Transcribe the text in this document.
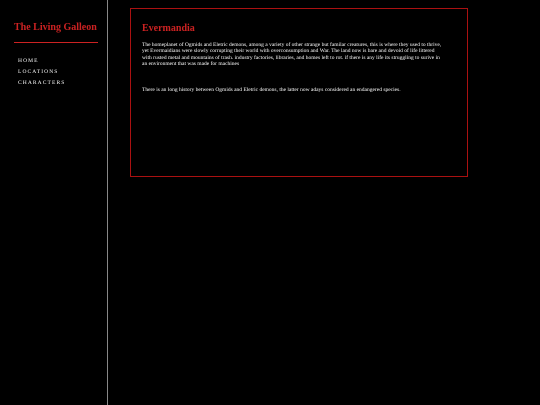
The Living Galleon
HOME
LOCATIONS
CHARACTERS
Evermandia

The homeplanet of Ogmids and Eletric demons, among a variety of other strange but familar creatures, this is where they used to thrive, yet Evermaidians were slowly corrupting their world with overconsumption and War. The land now is bare and devoid of life littered with rusted metal and mountains of trash. industry factories, libraries, and homes left to rot. if there is any life its struggling to surive in an environment that was made for machines

There is an long history between Ogmids and Eletric demons, the latter now adays considered an endangered species.
